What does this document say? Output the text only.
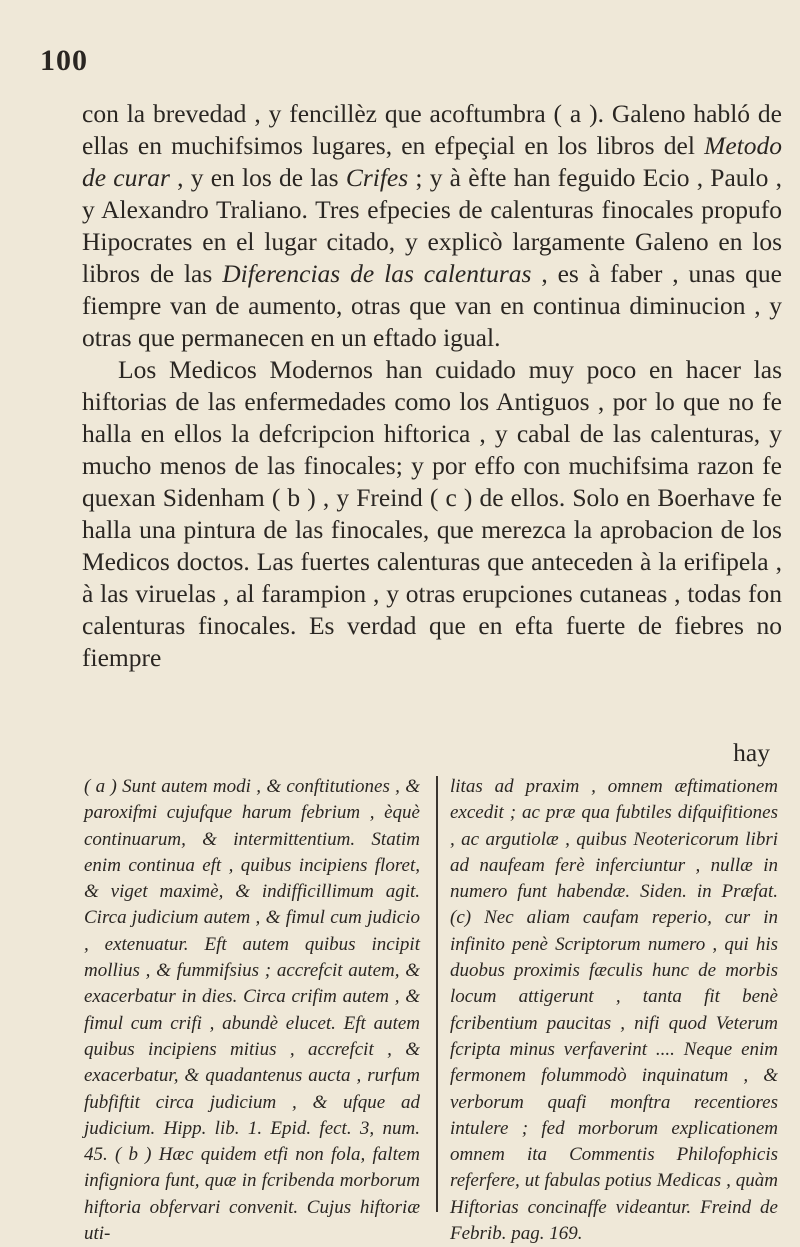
100

con la brevedad , y fencillèz que acoftumbra ( a ). Galeno habló de ellas en muchifsimos lugares, en efpeçial en los libros del Metodo de curar , y en los de las Crifes ; y à èfte han feguido Ecio , Paulo , y Alexandro Traliano. Tres efpecies de calenturas finocales propufo Hipocrates en el lugar citado, y explicò largamente Galeno en los libros de las Diferencias de las calenturas , es à faber , unas que fiempre van de aumento, otras que van en continua diminucion , y otras que permanecen en un eftado igual.

Los Medicos Modernos han cuidado muy poco en hacer las hiftorias de las enfermedades como los Antiguos , por lo que no fe halla en ellos la defcripcion hiftorica , y cabal de las calenturas, y mucho menos de las finocales; y por effo con muchifsima razon fe quexan Sidenham ( b ) , y Freind ( c ) de ellos. Solo en Boerhave fe halla una pintura de las finocales, que merezca la aprobacion de los Medicos doctos. Las fuertes calenturas que anteceden à la erifipela , à las viruelas , al farampion , y otras erupciones cutaneas , todas fon calenturas finocales. Es verdad que en efta fuerte de fiebres no fiempre

hay
( a ) Sunt autem modi , & conftitutiones , & paroxifmi cujufque harum febrium , èquè continuarum, & intermittentium. Statim enim continua eft , quibus incipiens floret, & viget maximè, & indifficillimum agit. Circa judicium autem , & fimul cum judicio , extenuatur. Eft autem quibus incipit mollius , & fummifsius ; accrefcit autem, & exacerbatur in dies. Circa crifim autem , & fimul cum crifi , abundè elucet. Eft autem quibus incipiens mitius , accrefcit , & exacerbatur, & quadantenus aucta , rurfum fubfiftit circa judicium , & ufque ad judicium. Hipp. lib. 1. Epid. fect. 3, num. 45. ( b ) Hæc quidem etfi non fola, faltem infigniora funt, quæ in fcribenda morborum hiftoria obfervari convenit. Cujus hiftoriæ uti-
litas ad praxim , omnem æftimationem excedit ; ac præ qua fubtiles difquifitiones , ac argutiolæ , quibus Neotericorum libri ad naufeam ferè inferciuntur , nullæ in numero funt habendæ. Siden. in Præfat. (c) Nec aliam caufam reperio, cur in infinito penè Scriptorum numero , qui his duobus proximis fæculis hunc de morbis locum attigerunt , tanta fit benè fcribentium paucitas , nifi quod Veterum fcripta minus verfaverint .... Neque enim fermonem folummodò inquinatum , & verborum quafi monftra recentiores intulere ; fed morborum explicationem omnem ita Commentis Philofophicis referfere, ut fabulas potius Medicas , quàm Hiftorias concinaffe videantur. Freind de Febrib. pag. 169.
